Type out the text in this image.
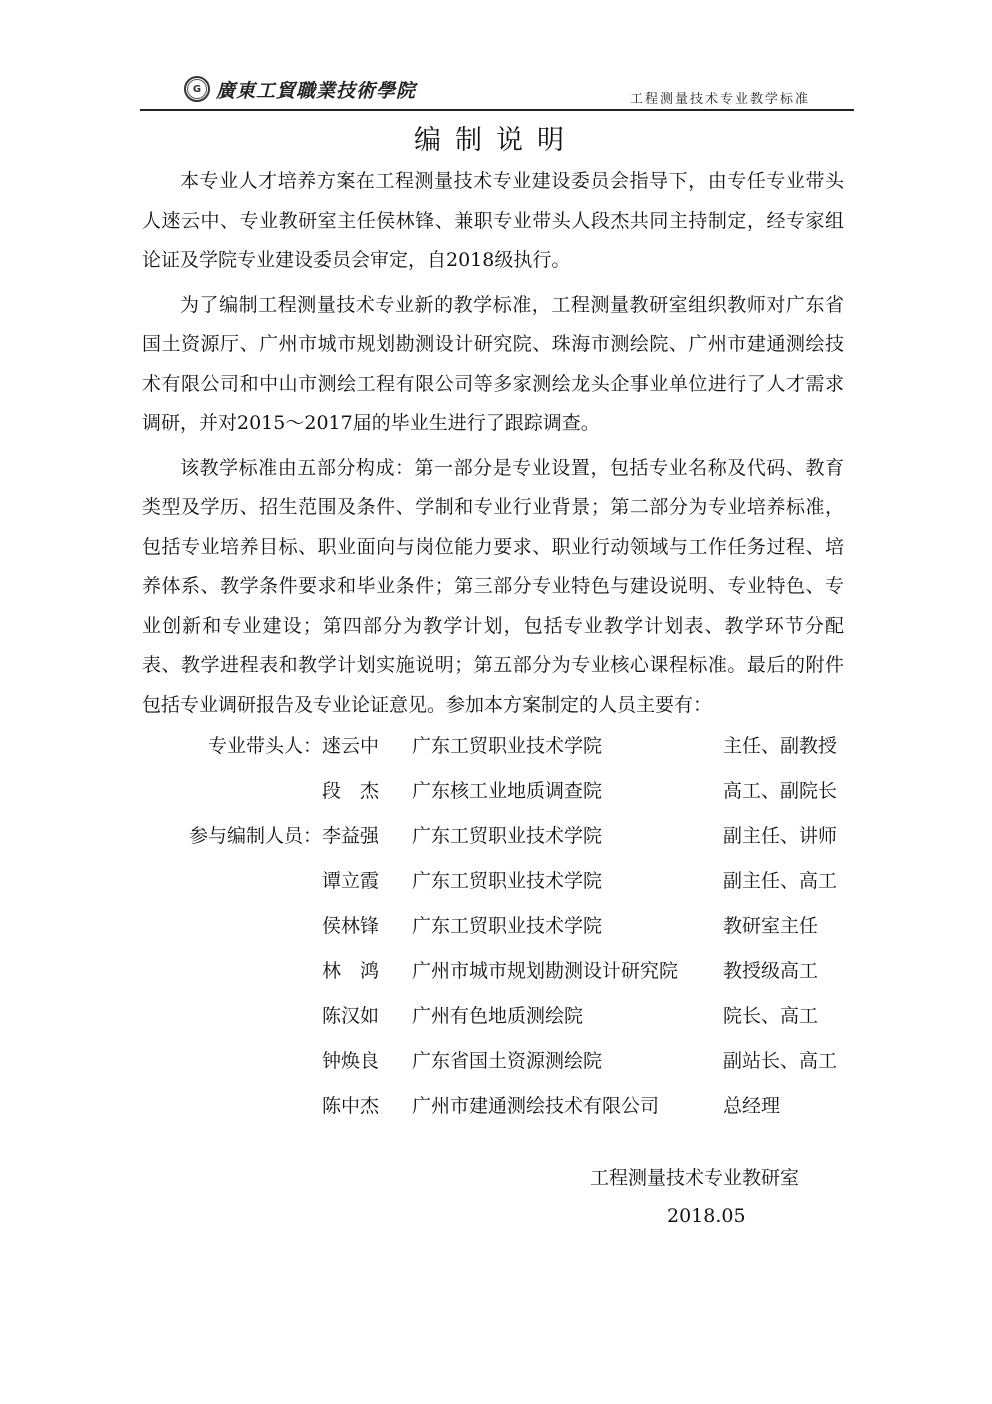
G 廣東工貿職業技術學院	工程测量技术专业教学标准
编制说明

本专业人才培养方案在工程测量技术专业建设委员会指导下，由专任专业带头人逨云中、专业教研室主任侯林锋、兼职专业带头人段杰共同主持制定，经专家组论证及学院专业建设委员会审定，自2018级执行。

为了编制工程测量技术专业新的教学标准，工程测量教研室组织教师对广东省国土资源厅、广州市城市规划勘测设计研究院、珠海市测绘院、广州市建通测绘技术有限公司和中山市测绘工程有限公司等多家测绘龙头企事业单位进行了人才需求调研，并对2015～2017届的毕业生进行了跟踪调查。

该教学标准由五部分构成：第一部分是专业设置，包括专业名称及代码、教育类型及学历、招生范围及条件、学制和专业行业背景；第二部分为专业培养标准，包括专业培养目标、职业面向与岗位能力要求、职业行动领域与工作任务过程、培养体系、教学条件要求和毕业条件；第三部分专业特色与建设说明、专业特色、专业创新和专业建设；第四部分为教学计划，包括专业教学计划表、教学环节分配表、教学进程表和教学计划实施说明；第五部分为专业核心课程标准。最后的附件包括专业调研报告及专业论证意见。参加本方案制定的人员主要有：

专业带头人： 逨云中 广东工贸职业技术学院	主任、副教授
段　杰 广东核工业地质调查院	高工、副院长
参与编制人员： 李益强 广东工贸职业技术学院	副主任、讲师
谭立霞 广东工贸职业技术学院	副主任、高工
侯林锋 广东工贸职业技术学院	教研室主任
林　鸿 广州市城市规划勘测设计研究院 教授级高工
陈汉如 广州有色地质测绘院	院长、高工
钟焕良 广东省国土资源测绘院	副站长、高工
陈中杰 广州市建通测绘技术有限公司	总经理
工程测量技术专业教研室
2018.05
